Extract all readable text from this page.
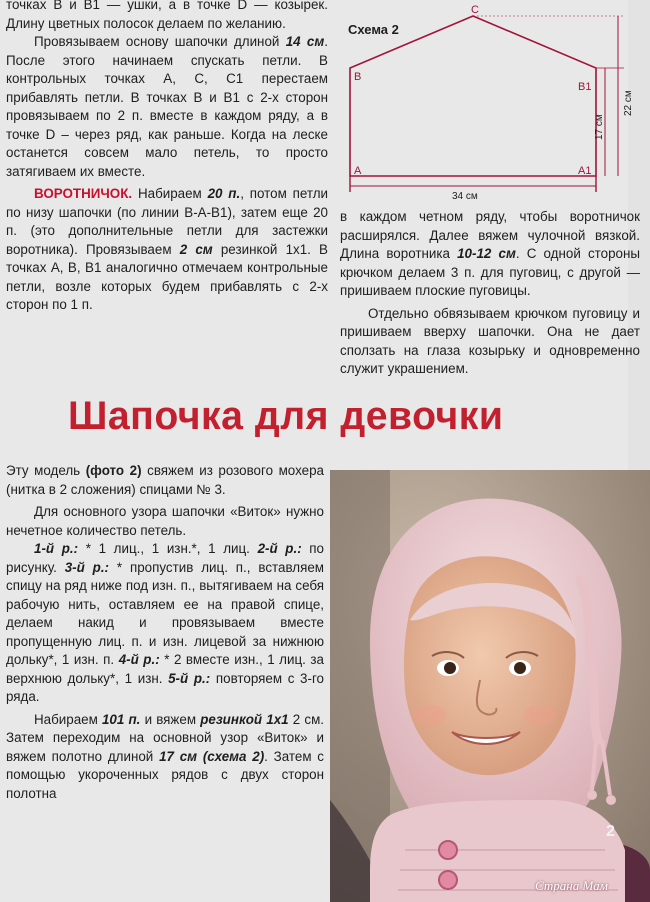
точках В и В1 — ушки, а в точке D — козырек. Длину цветных полосок делаем по желанию.

Провязываем основу шапочки длиной 14 см. После этого начинаем спускать петли. В контрольных точках А, С, С1 перестаем прибавлять петли. В точках В и В1 с 2-х сторон провязываем по 2 п. вместе в каждом ряду, а в точке D – через ряд, как раньше. Когда на леске останется совсем мало петель, то просто затягиваем их вместе.

ВОРОТНИЧОК. Набираем 20 п., потом петли по низу шапочки (по линии В-А-В1), затем еще 20 п. (это дополнительные петли для застежки воротника). Провязываем 2 см резинкой 1х1. В точках А, В, В1 аналогично отмечаем контрольные петли, возле которых будем прибавлять с 2-х сторон по 1 п.

Схема 2
C
B
B1
A	A1
34 см
17 см
22 см

в каждом четном ряду, чтобы воротничок расширялся. Далее вяжем чулочной вязкой. Длина воротника 10-12 см. С одной стороны крючком делаем 3 п. для пуговиц, с другой — пришиваем плоские пуговицы.

Отдельно обвязываем крючком пуговицу и пришиваем вверху шапочки. Она не дает сползать на глаза козырьку и одновременно служит украшением.

Шапочка для девочки

Эту модель (фото 2) свяжем из розового мохера (нитка в 2 сложения) спицами № 3.

Для основного узора шапочки «Виток» нужно нечетное количество петель.

1-й р.: * 1 лиц., 1 изн.*, 1 лиц. 2-й р.: по рисунку. 3-й р.: * пропустив лиц. п., вставляем спицу на ряд ниже под изн. п., вытягиваем на себя рабочую нить, оставляем ее на правой спице, делаем накид и провязываем вместе пропущенную лиц. п. и изн. лицевой за нижнюю дольку*, 1 изн. п. 4-й р.: * 2 вместе изн., 1 лиц. за верхнюю дольку*, 1 изн. 5-й р.: повторяем с 3-го ряда.

Набираем 101 п. и вяжем резинкой 1х1 2 см. Затем переходим на основной узор «Виток» и вяжем полотно длиной 17 см (схема 2). Затем с помощью укороченных рядов с двух сторон полотна

2
Страна Мам
